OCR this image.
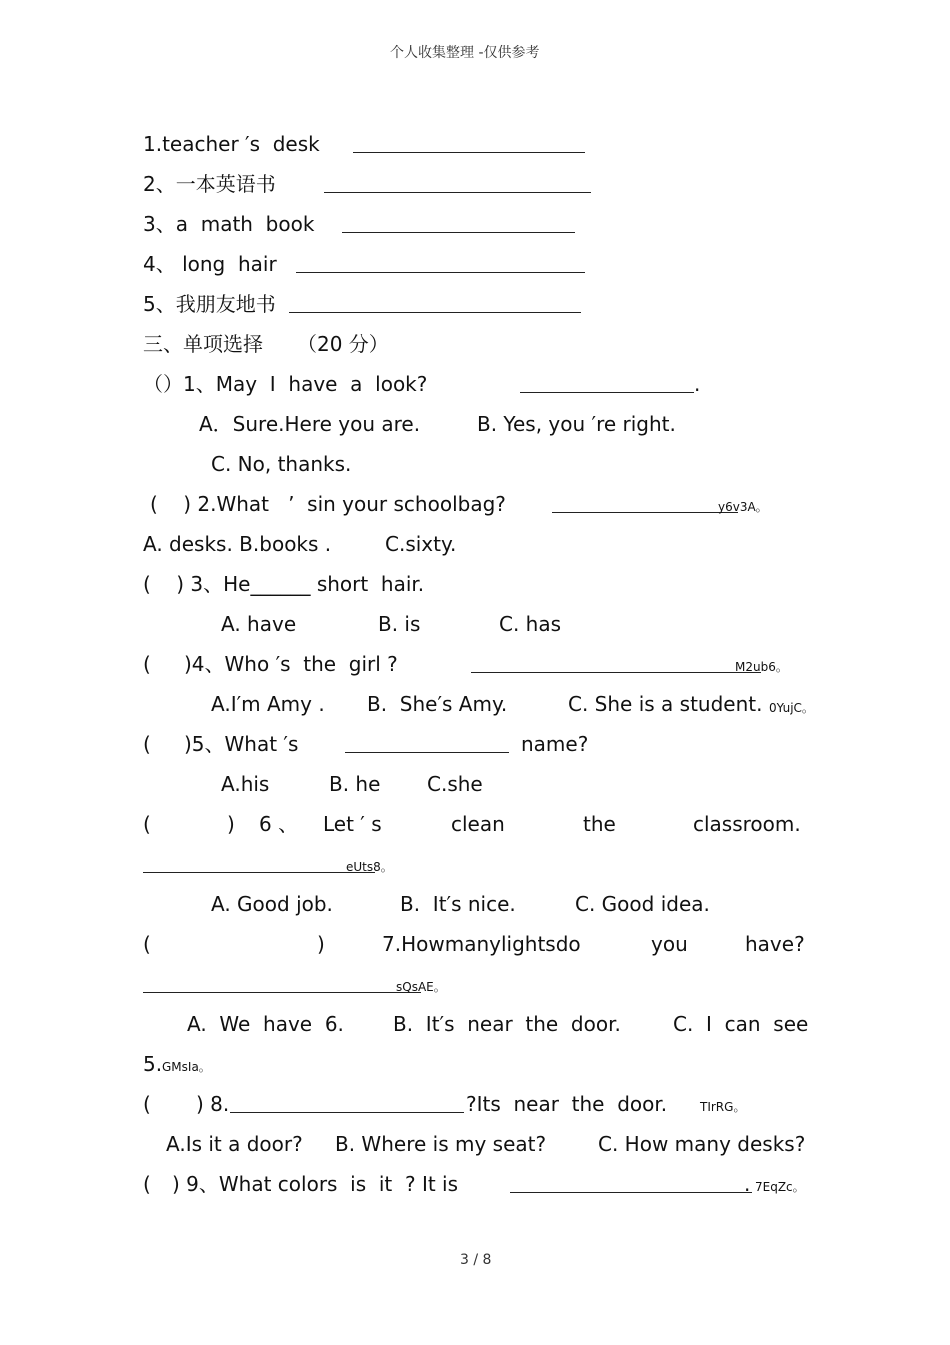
个人收集整理 -仅供参考
1.teacher ′s  desk
2、一本英语书
3、a  math  book
4、 long  hair
5、我朋友地书
三、单项选择 （20 分）
（）1、May  I  have  a  look?	.
A．Sure.Here you are.	B. Yes, you ′re right.
C. No, thanks.
(    ) 2.What   ’  sin your schoolbag?	y6v3A。
A. desks. B.books .	C.sixty.
(    ) 3、He______ short  hair.
A. have	B. is	C. has
( )4、Who ′s  the  girl ?	M2ub6。
A.I′m Amy . B.  She′s Amy.	C. She is a student. 0YujC。
( )5、What ′s	name?
A.his	B. he C.she
(	) 6 、 Let ′ s	clean	the	classroom.
eUts8。
A. Good job.	B.  It′s nice.	C. Good idea.
(	)	7.Howmanylightsdo	you	have?
sQsAE。
A.  We  have  6. B.  It′s  near  the  door.	C.  I  can  see
5. GMsIa。
( ) 8.	?Its  near  the  door.	TIrRG。
A.Is it a door? B. Where is my seat?	C. How many desks?
( ) 9、What colors  is  it  ? It is	. 7EqZc。
3 / 8
